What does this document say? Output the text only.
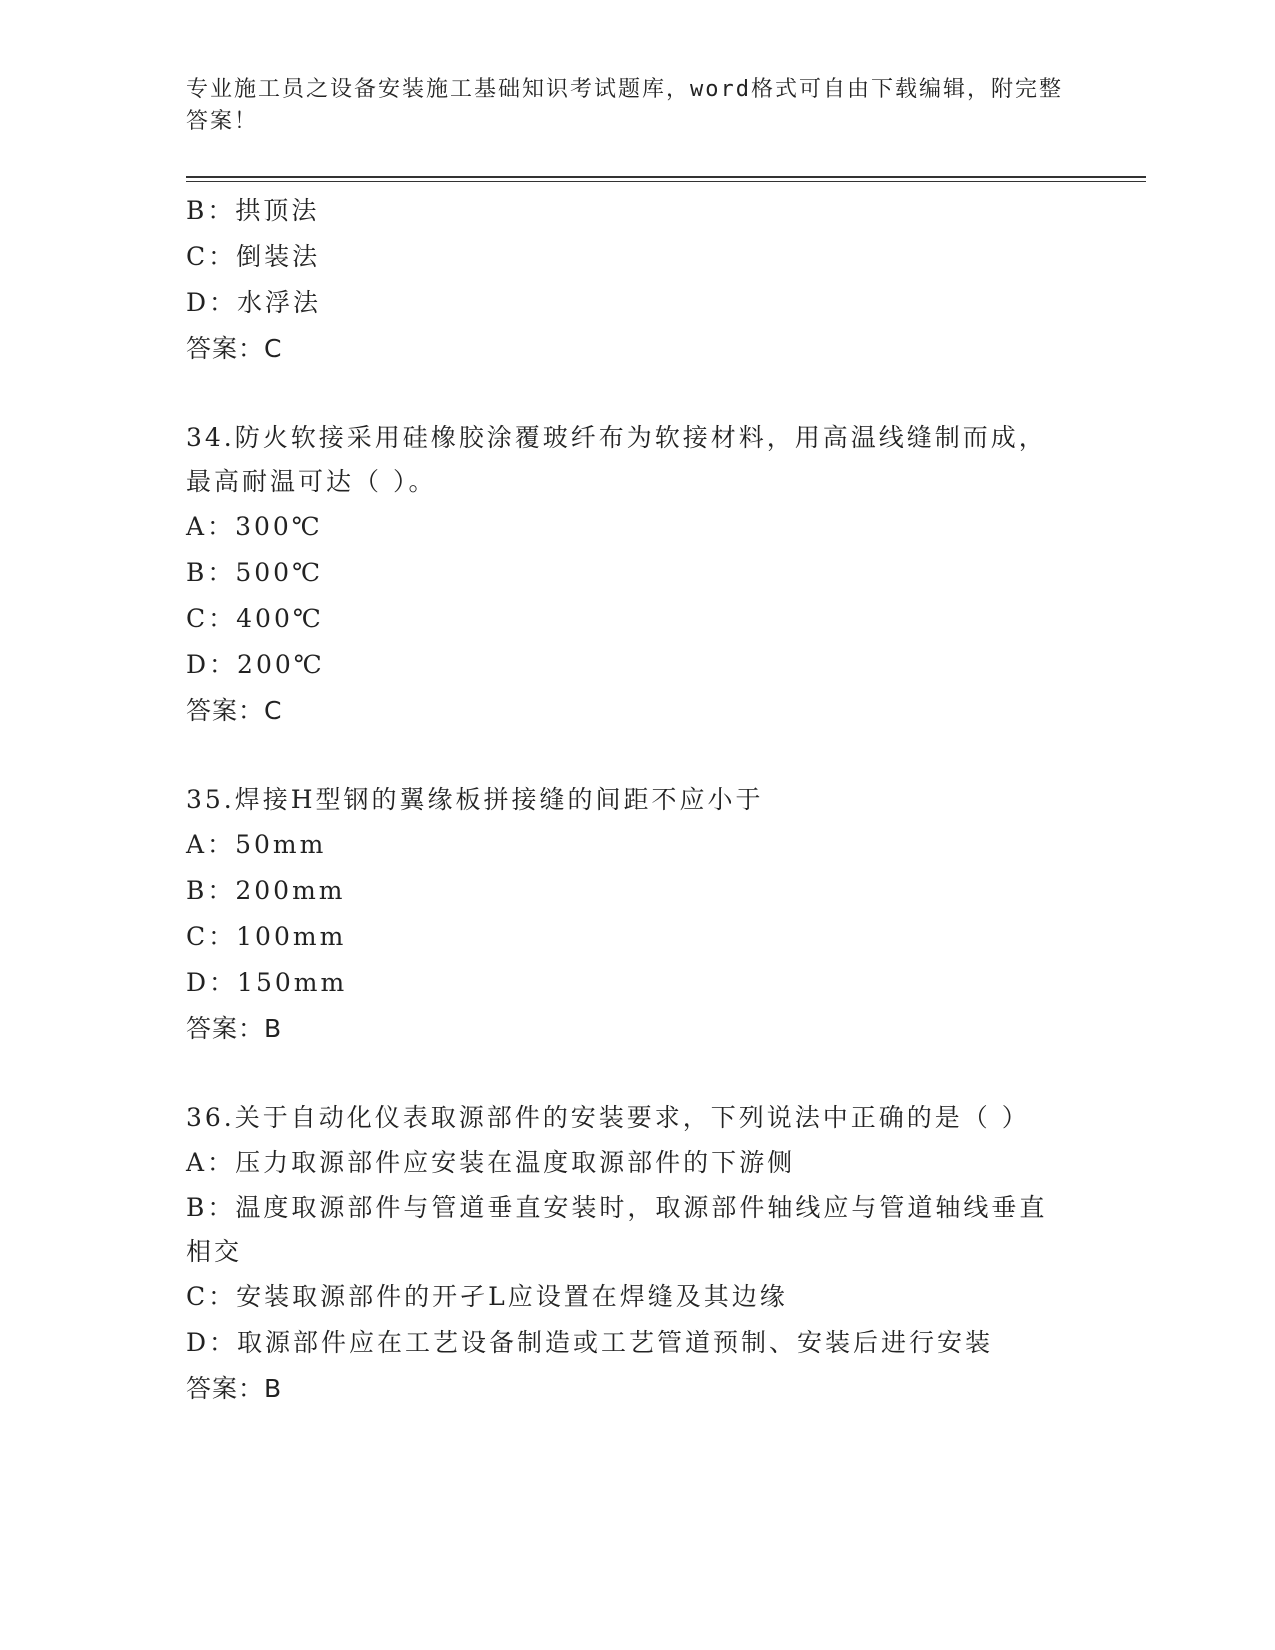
专业施工员之设备安装施工基础知识考试题库，word格式可自由下载编辑，附完整答案！
B：拱顶法
C：倒装法
D：水浮法
答案：C
34.防火软接采用硅橡胶涂覆玻纤布为软接材料，用高温线缝制而成，最高耐温可达（ ）。
A：300℃
B：500℃
C：400℃
D：200℃
答案：C
35.焊接H型钢的翼缘板拼接缝的间距不应小于
A：50mm
B：200mm
C：100mm
D：150mm
答案：B
36.关于自动化仪表取源部件的安装要求，下列说法中正确的是（ ）
A：压力取源部件应安装在温度取源部件的下游侧
B：温度取源部件与管道垂直安装时，取源部件轴线应与管道轴线垂直相交
C：安装取源部件的开孑L应设置在焊缝及其边缘
D：取源部件应在工艺设备制造或工艺管道预制、安装后进行安装
答案：B
